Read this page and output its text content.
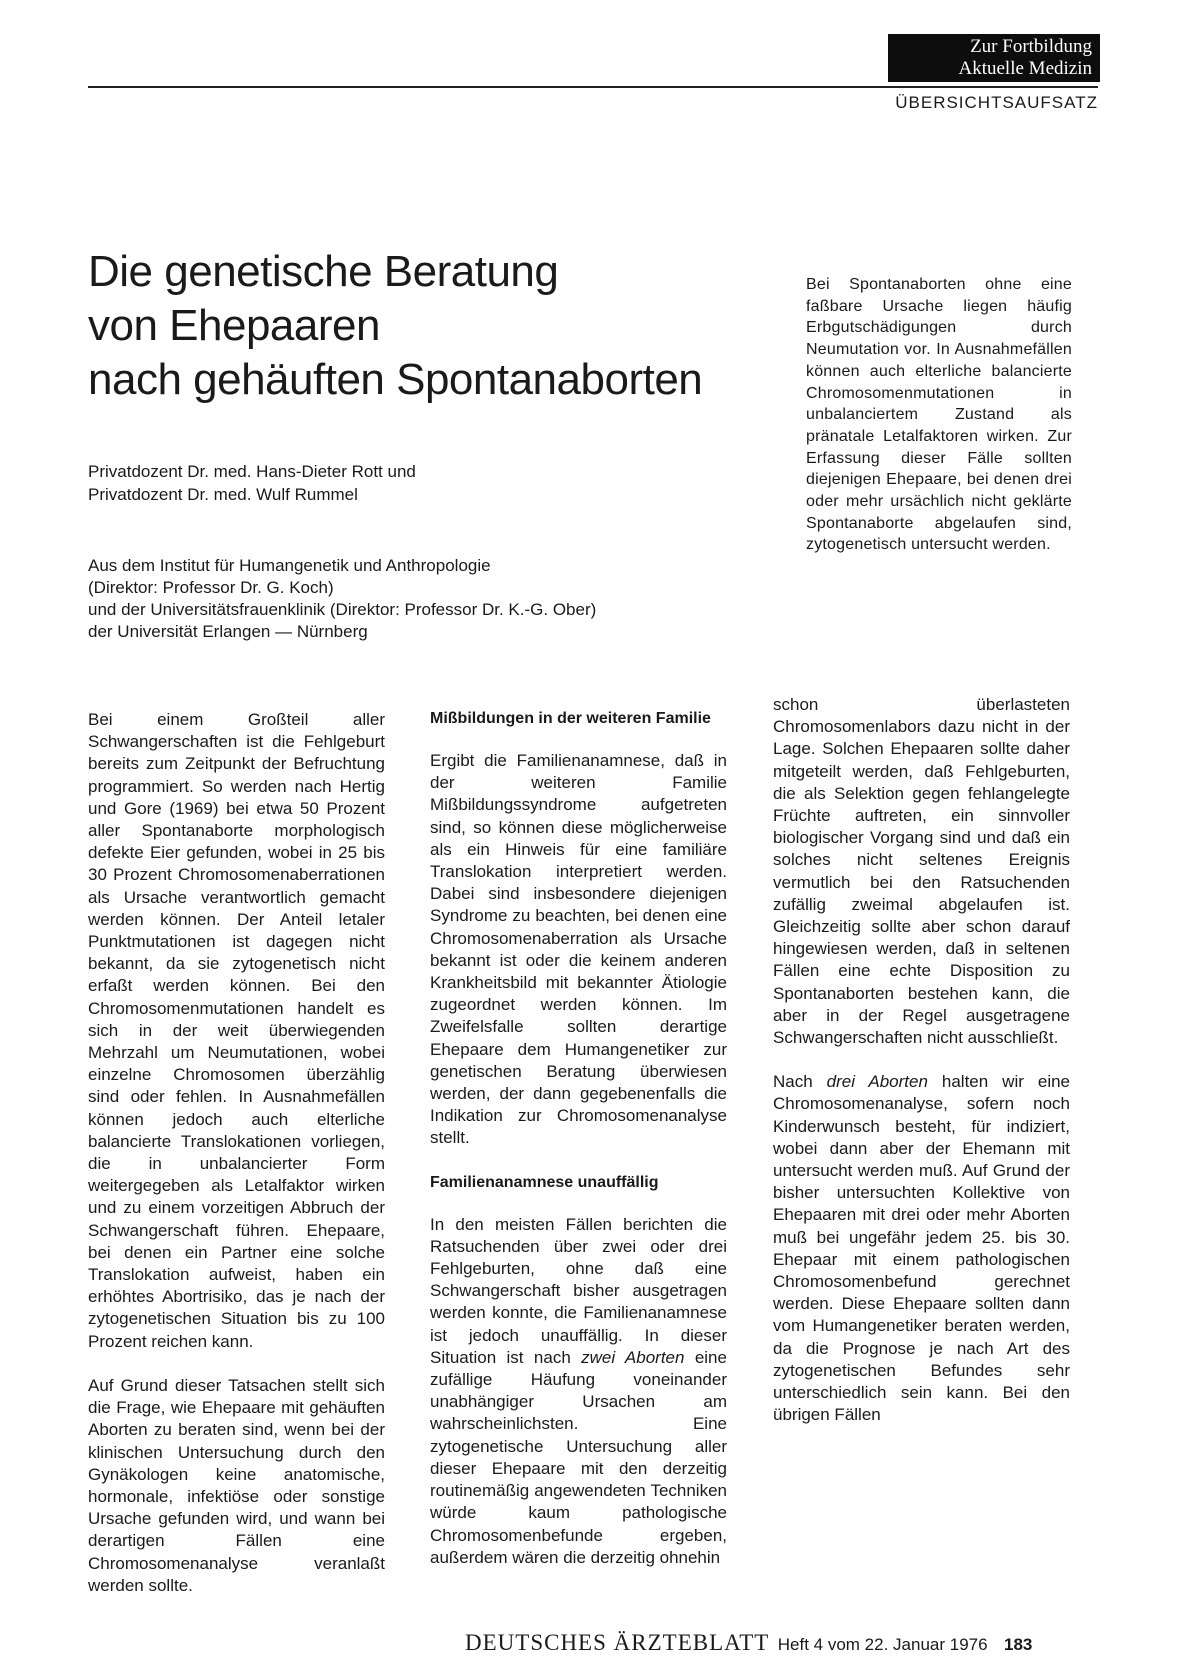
Zur Fortbildung
Aktuelle Medizin
ÜBERSICHTSAUFSATZ
Die genetische Beratung
von Ehepaaren
nach gehäuften Spontanaborten
Privatdozent Dr. med. Hans-Dieter Rott und
Privatdozent Dr. med. Wulf Rummel
Aus dem Institut für Humangenetik und Anthropologie
(Direktor: Professor Dr. G. Koch)
und der Universitätsfrauenklinik (Direktor: Professor Dr. K.-G. Ober)
der Universität Erlangen — Nürnberg
Bei Spontanaborten ohne eine faßbare Ursache liegen häufig Erbgutschädigungen durch Neumutation vor. In Ausnahmefällen können auch elterliche balancierte Chromosomenmutationen in unbalanciertem Zustand als pränatale Letalfaktoren wirken. Zur Erfassung dieser Fälle sollten diejenigen Ehepaare, bei denen drei oder mehr ursächlich nicht geklärte Spontanaborte abgelaufen sind, zytogenetisch untersucht werden.

Bei einem Großteil aller Schwangerschaften ist die Fehlgeburt bereits zum Zeitpunkt der Befruchtung programmiert. So werden nach Hertig und Gore (1969) bei etwa 50 Prozent aller Spontanaborte morphologisch defekte Eier gefunden, wobei in 25 bis 30 Prozent Chromosomenaberrationen als Ursache verantwortlich gemacht werden können. Der Anteil letaler Punktmutationen ist dagegen nicht bekannt, da sie zytogenetisch nicht erfaßt werden können. Bei den Chromosomenmutationen handelt es sich in der weit überwiegenden Mehrzahl um Neumutationen, wobei einzelne Chromosomen überzählig sind oder fehlen. In Ausnahmefällen können jedoch auch elterliche balancierte Translokationen vorliegen, die in unbalancierter Form weitergegeben als Letalfaktor wirken und zu einem vorzeitigen Abbruch der Schwangerschaft führen. Ehepaare, bei denen ein Partner eine solche Translokation aufweist, haben ein erhöhtes Abortrisiko, das je nach der zytogenetischen Situation bis zu 100 Prozent reichen kann.

Auf Grund dieser Tatsachen stellt sich die Frage, wie Ehepaare mit gehäuften Aborten zu beraten sind, wenn bei der klinischen Untersuchung durch den Gynäkologen keine anatomische, hormonale, infektiöse oder sonstige Ursache gefunden wird, und wann bei derartigen Fällen eine Chromosomenanalyse veranlaßt werden sollte.

Mißbildungen in der weiteren Familie

Ergibt die Familienanamnese, daß in der weiteren Familie Mißbildungssyndrome aufgetreten sind, so können diese möglicherweise als ein Hinweis für eine familiäre Translokation interpretiert werden. Dabei sind insbesondere diejenigen Syndrome zu beachten, bei denen eine Chromosomenaberration als Ursache bekannt ist oder die keinem anderen Krankheitsbild mit bekannter Ätiologie zugeordnet werden können. Im Zweifelsfalle sollten derartige Ehepaare dem Humangenetiker zur genetischen Beratung überwiesen werden, der dann gegebenenfalls die Indikation zur Chromosomenanalyse stellt.

Familienanamnese unauffällig

In den meisten Fällen berichten die Ratsuchenden über zwei oder drei Fehlgeburten, ohne daß eine Schwangerschaft bisher ausgetragen werden konnte, die Familienanamnese ist jedoch unauffällig. In dieser Situation ist nach zwei Aborten eine zufällige Häufung voneinander unabhängiger Ursachen am wahrscheinlichsten. Eine zytogenetische Untersuchung aller dieser Ehepaare mit den derzeitig routinemäßig angewendeten Techniken würde kaum pathologische Chromosomenbefunde ergeben, außerdem wären die derzeitig ohnehin

schon überlasteten Chromosomenlabors dazu nicht in der Lage. Solchen Ehepaaren sollte daher mitgeteilt werden, daß Fehlgeburten, die als Selektion gegen fehlangelegte Früchte auftreten, ein sinnvoller biologischer Vorgang sind und daß ein solches nicht seltenes Ereignis vermutlich bei den Ratsuchenden zufällig zweimal abgelaufen ist. Gleichzeitig sollte aber schon darauf hingewiesen werden, daß in seltenen Fällen eine echte Disposition zu Spontanaborten bestehen kann, die aber in der Regel ausgetragene Schwangerschaften nicht ausschließt.

Nach drei Aborten halten wir eine Chromosomenanalyse, sofern noch Kinderwunsch besteht, für indiziert, wobei dann aber der Ehemann mit untersucht werden muß. Auf Grund der bisher untersuchten Kollektive von Ehepaaren mit drei oder mehr Aborten muß bei ungefähr jedem 25. bis 30. Ehepaar mit einem pathologischen Chromosomenbefund gerechnet werden. Diese Ehepaare sollten dann vom Humangenetiker beraten werden, da die Prognose je nach Art des zytogenetischen Befundes sehr unterschiedlich sein kann. Bei den übrigen Fällen

DEUTSCHES ÄRZTEBLATT Heft 4 vom 22. Januar 1976 183
